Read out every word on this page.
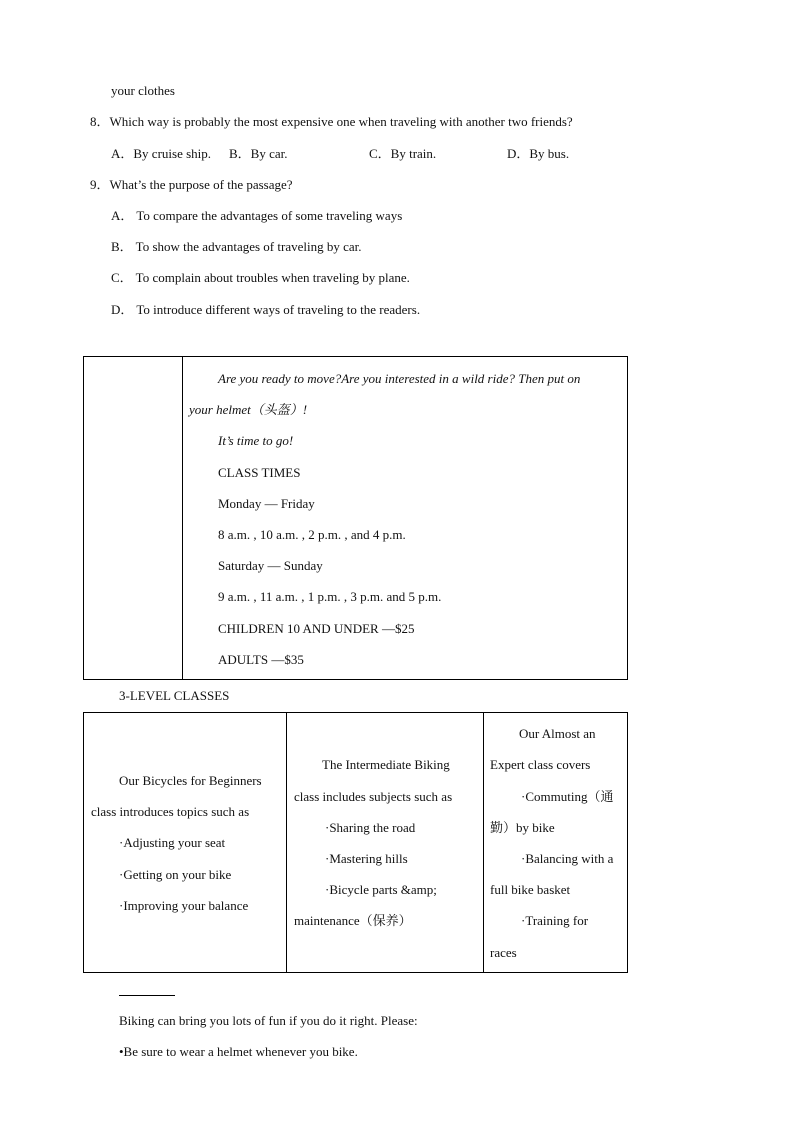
your clothes
8．Which way is probably the most expensive one when traveling with another two friends?
A．By cruise ship. B．By car.	C．By train.	D．By bus.
9．What’s the purpose of the passage?
A． To compare the advantages of some traveling ways
B． To show the advantages of traveling by car.
C． To complain about troubles when traveling by plane.
D． To introduce different ways of traveling to the readers.

Are you ready to move?Are you interested in a wild ride? Then put on
your helmet（头盔）!
It’s time to go!
CLASS TIMES
Monday — Friday
8 a.m. , 10 a.m. , 2 p.m. , and 4 p.m.
Saturday — Sunday
9 a.m. , 11 a.m. , 1 p.m. , 3 p.m. and 5 p.m.
CHILDREN 10 AND UNDER —$25
ADULTS —$35
3-LEVEL CLASSES
Our Bicycles for Beginners
class introduces topics such as
·Adjusting your seat
·Getting on your bike
·Improving your balance

The Intermediate Biking
class includes subjects such as
·Sharing the road
·Mastering hills
·Bicycle parts &amp;
maintenance（保养）

Our Almost an
Expert class covers
·Commuting（通
勤）by bike
·Balancing with a
full bike basket
·Training for
races
Biking can bring you lots of fun if you do it right. Please:
•Be sure to wear a helmet whenever you bike.
